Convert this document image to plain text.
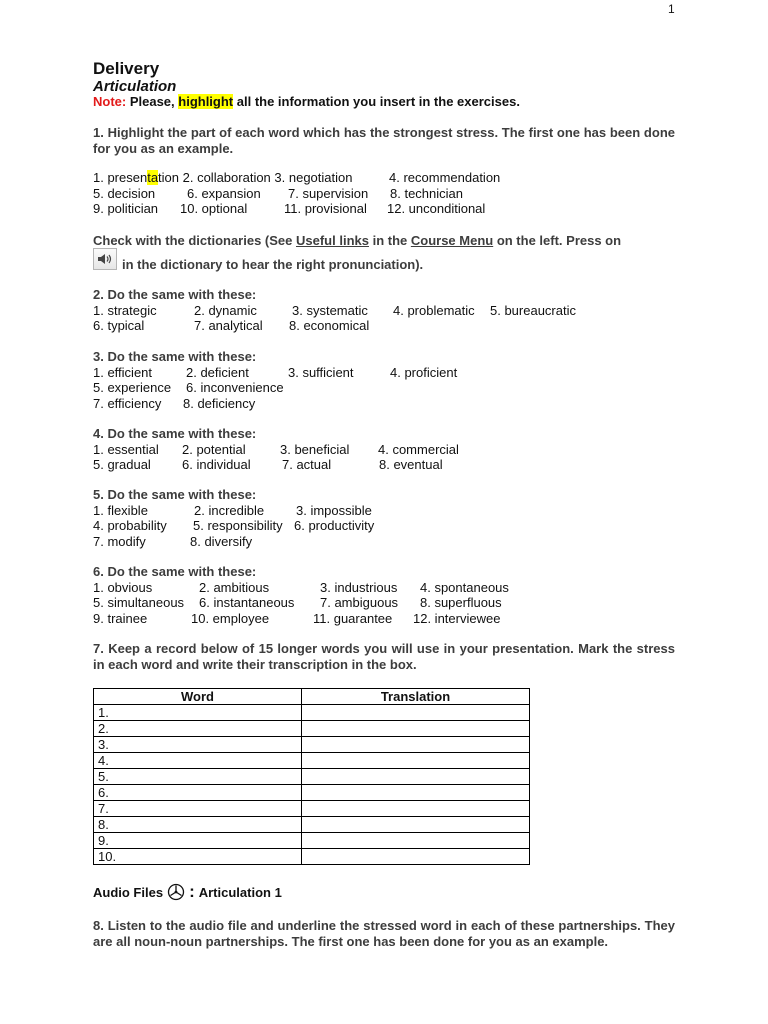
1
Delivery
Articulation
Note: Please, highlight all the information you insert in the exercises.
1. Highlight the part of each word which has the strongest stress. The first one has been done for you as an example.
1. presentation 2. collaboration 3. negotiation	4. recommendation
5. decision 6. expansion 7. supervision 8. technician
9. politician 10. optional	11. provisional 12. unconditional
Check with the dictionaries (See Useful links in the Course Menu on the left. Press on
in the dictionary to hear the right pronunciation).
2. Do the same with these:
1. strategic	2. dynamic	3. systematic 4. problematic 5. bureaucratic
6. typical	7. analytical 8. economical
3. Do the same with these:
1. efficient	2. deficient	3. sufficient	4. proficient
5. experience 6. inconvenience
7. efficiency 8. deficiency
4. Do the same with these:
1. essential 2. potential	3. beneficial 4. commercial
5. gradual 6. individual 7. actual	8. eventual
5. Do the same with these:
1. flexible	2. incredible 3. impossible
4. probability 5. responsibility 6. productivity
7. modify	8. diversify
6. Do the same with these:
1. obvious	2. ambitious	3. industrious 4. spontaneous
5. simultaneous 6. instantaneous 7. ambiguous 8. superfluous
9. trainee	10. employee	11. guarantee 12. interviewee
7. Keep a record below of 15 longer words you will use in your presentation. Mark the stress in each word and write their transcription in the box.
Word	Translation
1.	
2.	
3.	
4.	
5.	
6.	
7.	
8.	
9.	
10.	
Audio Files : Articulation 1
8. Listen to the audio file and underline the stressed word in each of these partnerships. They are all noun-noun partnerships. The first one has been done for you as an example.
